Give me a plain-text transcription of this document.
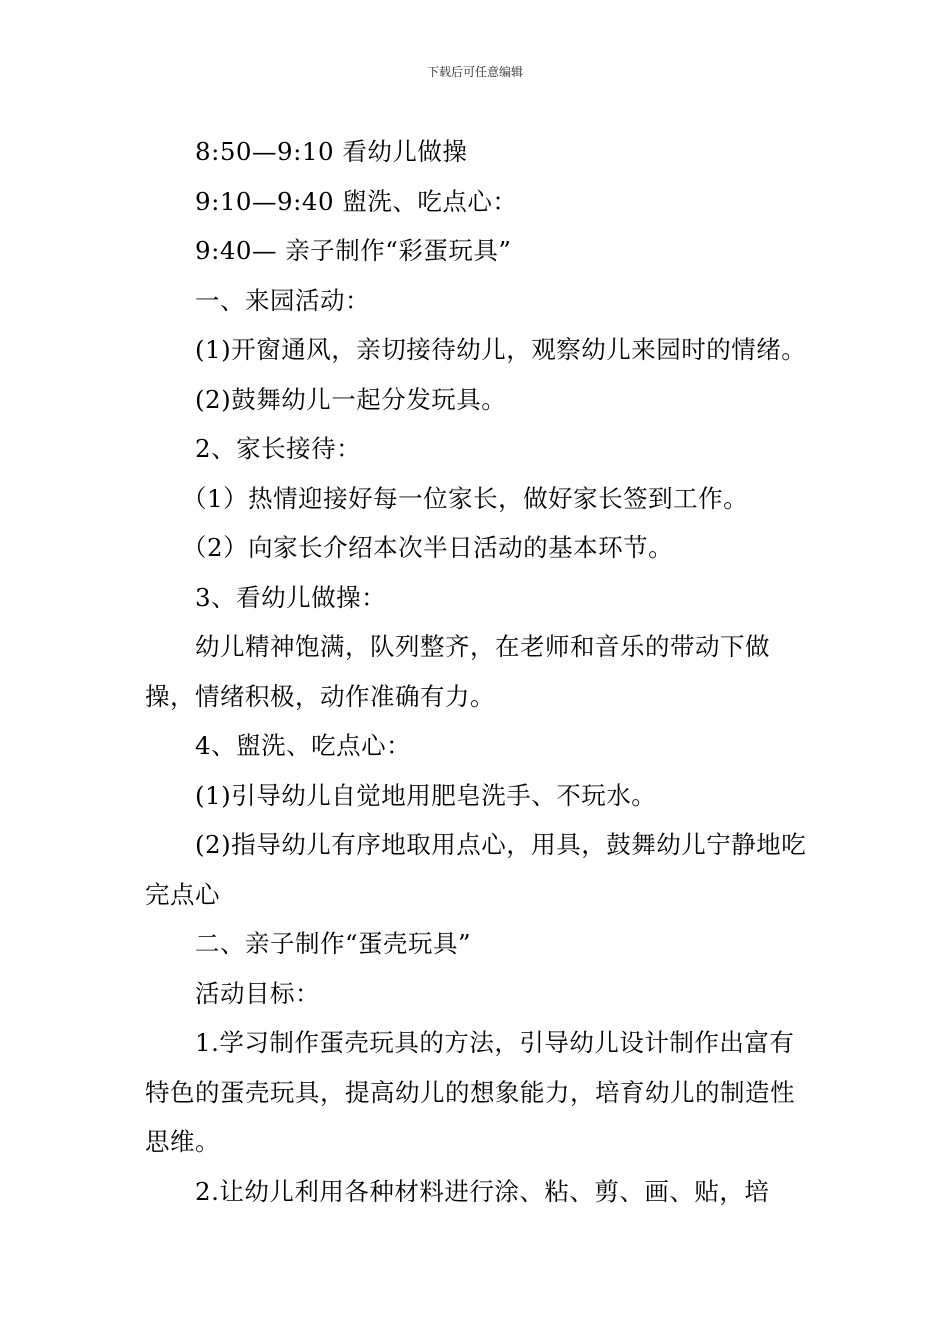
下载后可任意编辑

8:50—9:10 看幼儿做操

9:10—9:40 盥洗、吃点心：

9:40— 亲子制作“彩蛋玩具”

一、来园活动：

(1)开窗通风，亲切接待幼儿，观察幼儿来园时的情绪。

(2)鼓舞幼儿一起分发玩具。

2、家长接待：

（1）热情迎接好每一位家长，做好家长签到工作。

（2）向家长介绍本次半日活动的基本环节。

3、看幼儿做操：

幼儿精神饱满，队列整齐，在老师和音乐的带动下做操，情绪积极，动作准确有力。

4、盥洗、吃点心：

(1)引导幼儿自觉地用肥皂洗手、不玩水。

(2)指导幼儿有序地取用点心，用具，鼓舞幼儿宁静地吃完点心

二、亲子制作“蛋壳玩具”

活动目标：

1.学习制作蛋壳玩具的方法，引导幼儿设计制作出富有特色的蛋壳玩具，提高幼儿的想象能力，培育幼儿的制造性思维。

2.让幼儿利用各种材料进行涂、粘、剪、画、贴，培
